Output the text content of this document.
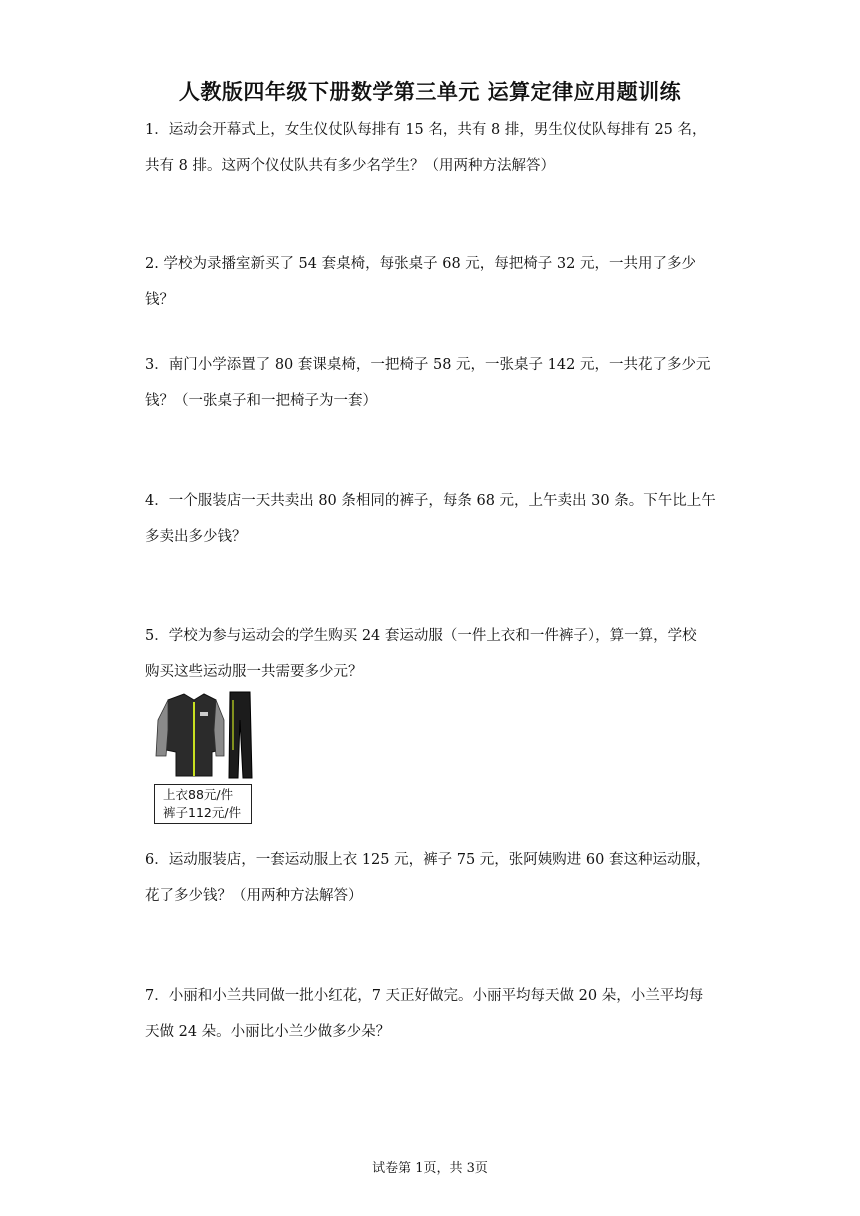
人教版四年级下册数学第三单元 运算定律应用题训练
1．运动会开幕式上，女生仪仗队每排有 15 名，共有 8 排，男生仪仗队每排有 25 名，
共有 8 排。这两个仪仗队共有多少名学生？（用两种方法解答）
2. 学校为录播室新买了 54 套桌椅，每张桌子 68 元，每把椅子 32 元，一共用了多少钱？
3．南门小学添置了 80 套课桌椅，一把椅子 58 元，一张桌子 142 元，一共花了多少元
钱？（一张桌子和一把椅子为一套）
4．一个服装店一天共卖出 80 条相同的裤子，每条 68 元，上午卖出 30 条。下午比上午
多卖出多少钱？
5．学校为参与运动会的学生购买 24 套运动服（一件上衣和一件裤子），算一算，学校
购买这些运动服一共需要多少元？
上衣88元/件
裤子112元/件
6．运动服装店，一套运动服上衣 125 元，裤子 75 元，张阿姨购进 60 套这种运动服，
花了多少钱？（用两种方法解答）
7．小丽和小兰共同做一批小红花，7 天正好做完。小丽平均每天做 20 朵，小兰平均每
天做 24 朵。小丽比小兰少做多少朵？
试卷第 1页，共 3页
